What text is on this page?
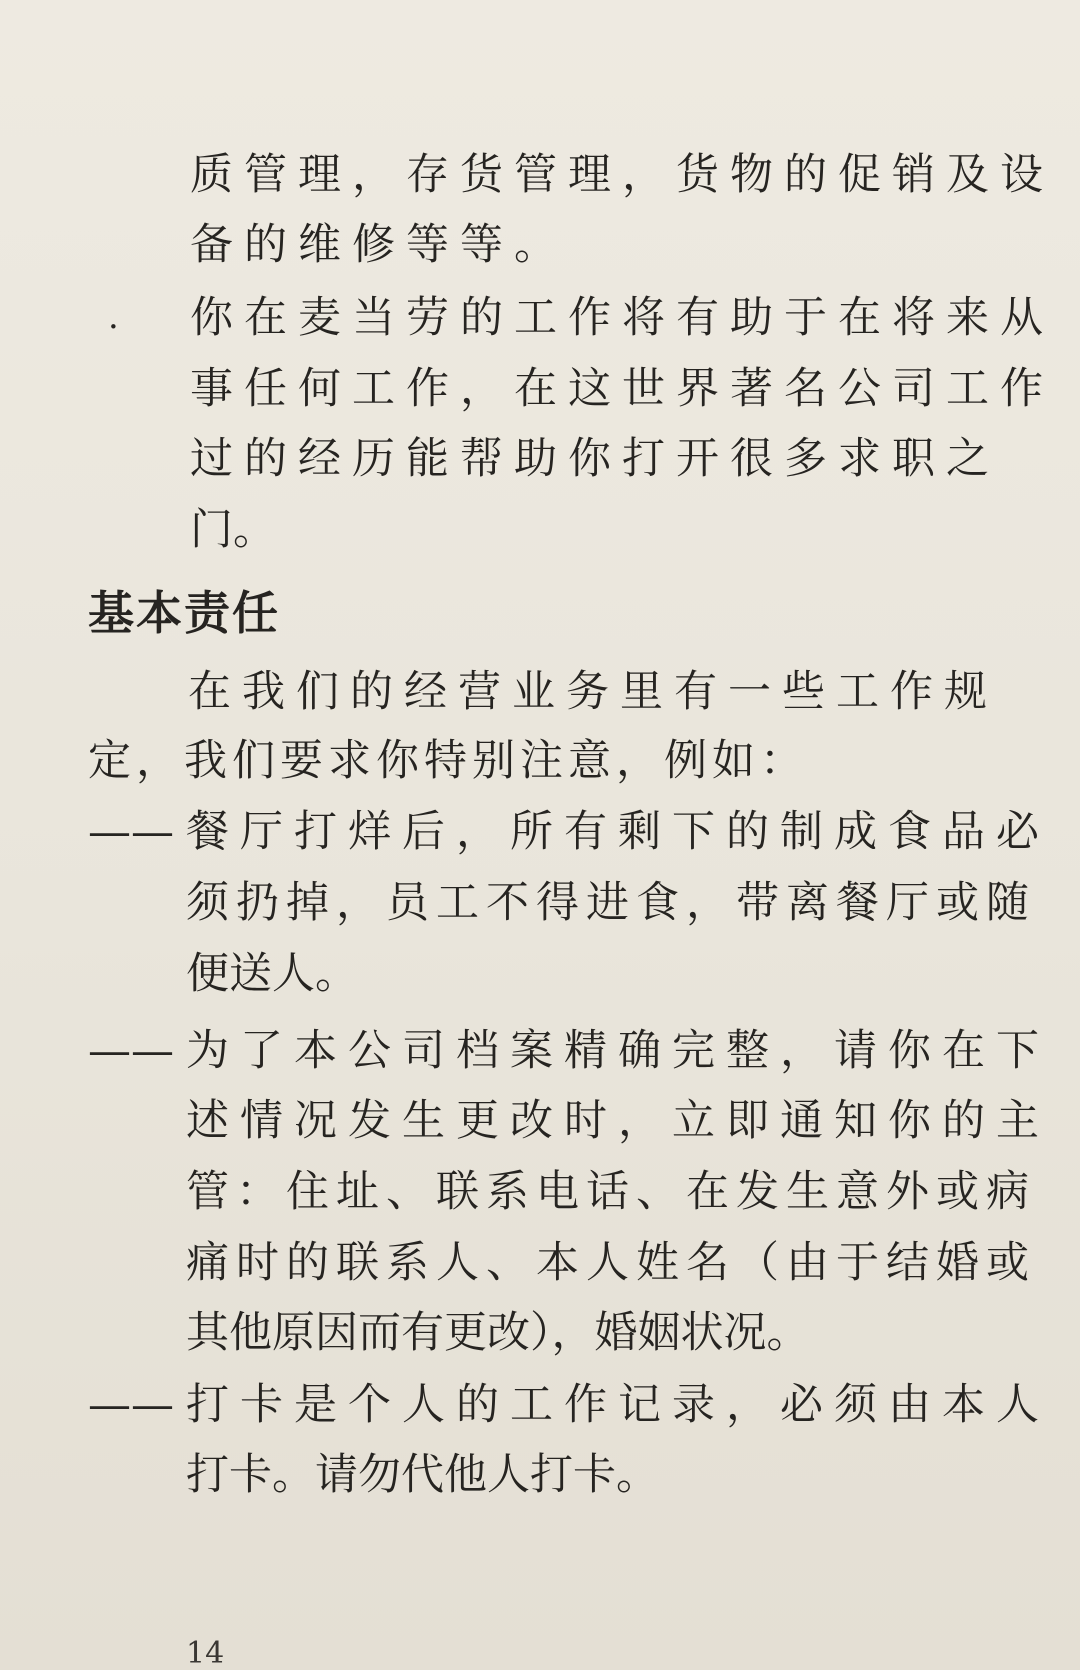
质管理，存货管理，货物的促销及设

备的维修等等。

· 你在麦当劳的工作将有助于在将来从

事任何工作，在这世界著名公司工作

过的经历能帮助你打开很多求职之

门。

基本责任

在我们的经营业务里有一些工作规

定，我们要求你特别注意，例如：

—— 餐厅打烊后，所有剩下的制成食品必

须扔掉，员工不得进食，带离餐厅或随

便送人。

—— 为了本公司档案精确完整，请你在下

述情况发生更改时，立即通知你的主

管：住址、联系电话、在发生意外或病

痛时的联系人、本人姓名（由于结婚或

其他原因而有更改），婚姻状况。

—— 打卡是个人的工作记录，必须由本人

打卡。请勿代他人打卡。

14
